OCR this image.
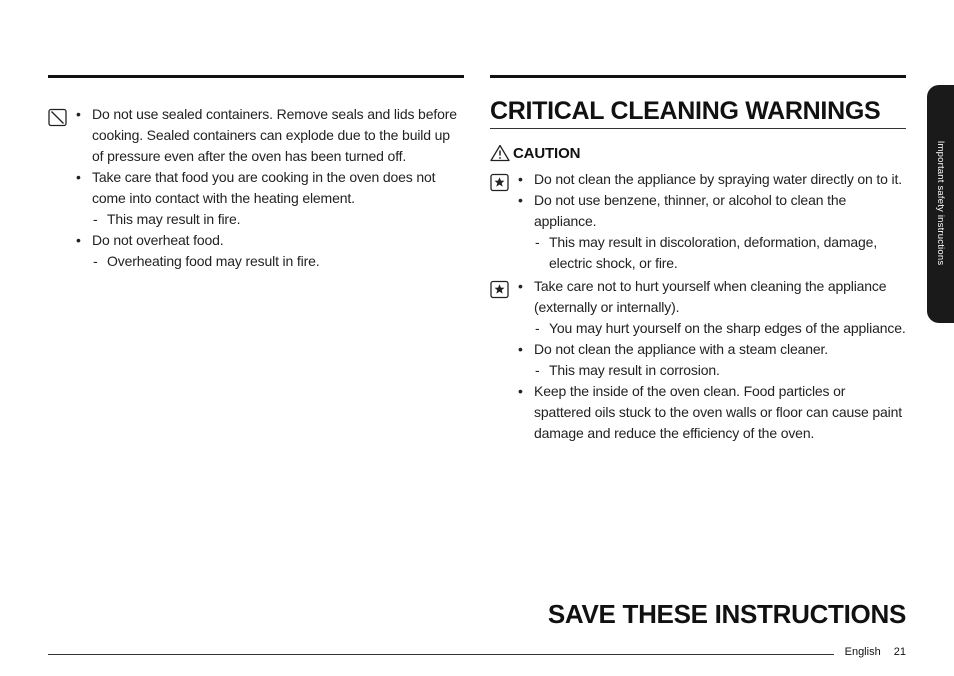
• Do not use sealed containers. Remove seals and lids before cooking. Sealed containers can explode due to the build up of pressure even after the oven has been turned off.
• Take care that food you are cooking in the oven does not come into contact with the heating element.
- This may result in fire.
• Do not overheat food.
- Overheating food may result in fire.
CRITICAL CLEANING WARNINGS
CAUTION
• Do not clean the appliance by spraying water directly on to it.
• Do not use benzene, thinner, or alcohol to clean the appliance.
- This may result in discoloration, deformation, damage, electric shock, or fire.
• Take care not to hurt yourself when cleaning the appliance (externally or internally).
- You may hurt yourself on the sharp edges of the appliance.
• Do not clean the appliance with a steam cleaner.
- This may result in corrosion.
• Keep the inside of the oven clean. Food particles or spattered oils stuck to the oven walls or floor can cause paint damage and reduce the efficiency of the oven.
Important safety instructions
SAVE THESE INSTRUCTIONS
English 21
